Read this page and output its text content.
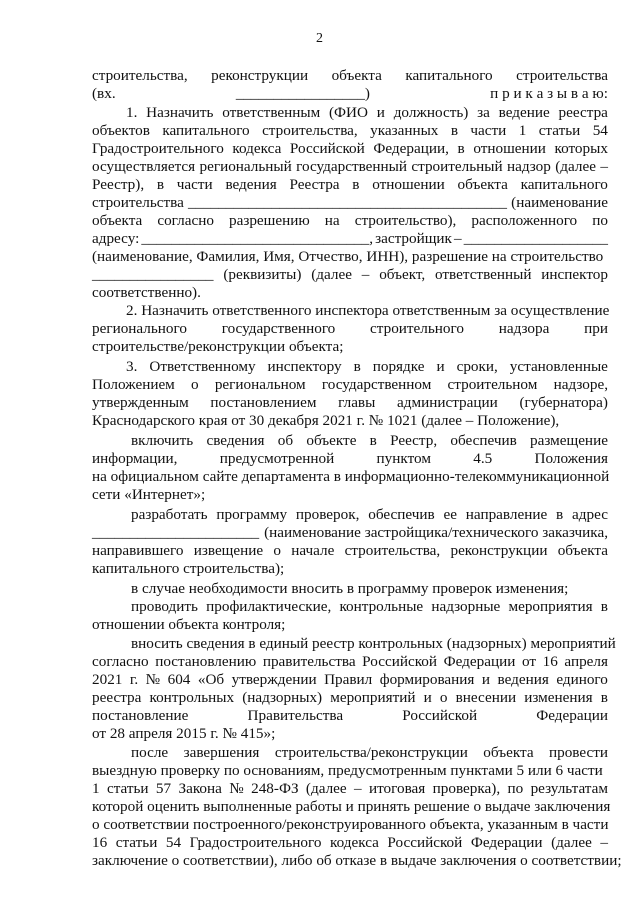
2
строительства, реконструкции объекта капитального строительства
(вх.	_________________)	п р и к а з ы в а ю:
1. Назначить ответственным (ФИО и должность) за ведение реестра
объектов капитального строительства, указанных в части 1 статьи 54
Градостроительного кодекса Российской Федерации, в отношении которых
осуществляется региональный государственный строительный надзор (далее –
Реестр), в части ведения Реестра в отношении объекта капитального
строительства __________________________________________ (наименование
объекта согласно разрешению на строительство), расположенного по
адресу: ______________________________, застройщик – ___________________
(наименование, Фамилия, Имя, Отчество, ИНН), разрешение на строительство
________________ (реквизиты) (далее – объект, ответственный инспектор
соответственно).
2. Назначить ответственного инспектора ответственным за осуществление
регионального государственного строительного надзора при
строительстве/реконструкции объекта;
3. Ответственному инспектору в порядке и сроки, установленные
Положением о региональном государственном строительном надзоре,
утвержденным постановлением главы администрации (губернатора)
Краснодарского края от 30 декабря 2021 г. № 1021 (далее – Положение),
включить сведения об объекте в Реестр, обеспечив размещение
информации,	предусмотренной	пунктом	4.5	Положения
на официальном сайте департамента в информационно-телекоммуникационной
сети «Интернет»;
разработать программу проверок, обеспечив ее направление в адрес
______________________ (наименование застройщика/технического заказчика,
направившего извещение о начале строительства, реконструкции объекта
капитального строительства);
в случае необходимости вносить в программу проверок изменения;
проводить профилактические, контрольные надзорные мероприятия в
отношении объекта контроля;
вносить сведения в единый реестр контрольных (надзорных) мероприятий
согласно постановлению правительства Российской Федерации от 16 апреля
2021 г. № 604 «Об утверждении Правил формирования и ведения единого
реестра контрольных (надзорных) мероприятий и о внесении изменения в
постановление	Правительства	Российской	Федерации
от 28 апреля 2015 г. № 415»;
после завершения строительства/реконструкции объекта провести
выездную проверку по основаниям, предусмотренным пунктами 5 или 6 части
1 статьи 57 Закона № 248-ФЗ (далее – итоговая проверка), по результатам
которой оценить выполненные работы и принять решение о выдаче заключения
о соответствии построенного/реконструированного объекта, указанным в части
16 статьи 54 Градостроительного кодекса Российской Федерации (далее –
заключение о соответствии), либо об отказе в выдаче заключения о соответствии;
